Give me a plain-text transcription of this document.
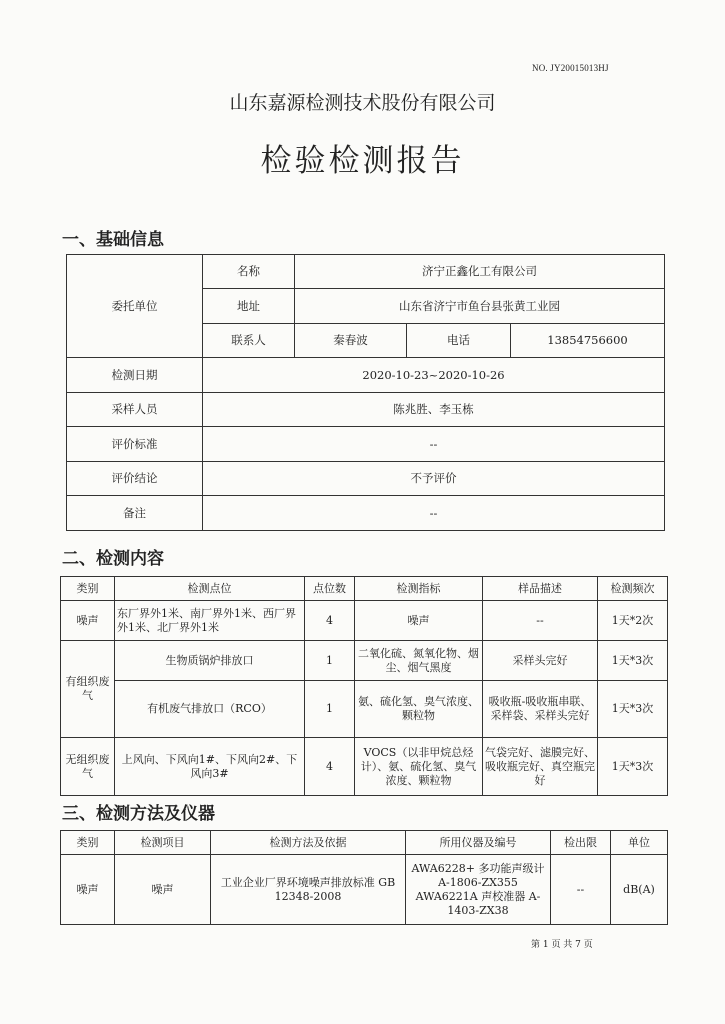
NO. JY20015013HJ
山东嘉源检测技术股份有限公司
检验检测报告
一、基础信息
委托单位	名称	济宁正鑫化工有限公司		
	地址	山东省济宁市鱼台县张黄工业园		
	联系人	秦春波	电话	13854756600
检测日期	2020-10-23~2020-10-26			
采样人员	陈兆胜、李玉栋			
评价标准	--			
评价结论	不予评价			
备注	--			
二、检测内容
类别	检测点位	点位数	检测指标	样品描述	检测频次
噪声	东厂界外1米、南厂界外1米、西厂界外1米、北厂界外1米	4	噪声	--	1天*2次
有组织废气	生物质锅炉排放口	1	二氧化硫、氮氧化物、烟尘、烟气黑度	采样头完好	1天*3次
	有机废气排放口（RCO）	1	氨、硫化氢、臭气浓度、颗粒物	吸收瓶-吸收瓶串联、采样袋、采样头完好	1天*3次
无组织废气	上风向、下风向1#、下风向2#、下风向3#	4	VOCS（以非甲烷总烃计）、氨、硫化氢、臭气浓度、颗粒物	气袋完好、滤膜完好、吸收瓶完好、真空瓶完好	1天*3次
三、检测方法及仪器
类别	检测项目	检测方法及依据	所用仪器及编号	检出限	单位
噪声	噪声	工业企业厂界环境噪声排放标准 GB 12348-2008	AWA6228+ 多功能声级计 A-1806-ZX355 AWA6221A 声校准器 A-1403-ZX38	--	dB(A)
第 1 页 共 7 页
